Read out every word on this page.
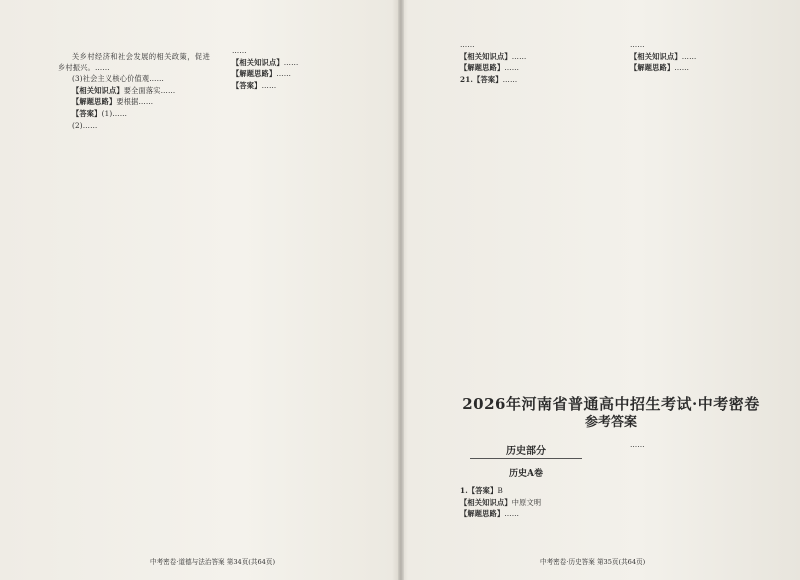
关乡村经济和社会发展的相关政策，促进乡村振兴。……

(3)社会主义核心价值观……

【相关知识点】要全面落实……

【解题思路】要根据……

【答案】(1)……

(2)……

……

【相关知识点】……

【解题思路】……

【答案】……

中考密卷·道德与法治答案 第34页(共64页)

……

【相关知识点】……

【解题思路】……

21.【答案】……

……

【相关知识点】……

【解题思路】……

2026年河南省普通高中招生考试·中考密卷
参考答案
历史部分
历史A卷

1.【答案】B

【相关知识点】中原文明

【解题思路】……

……

中考密卷·历史答案 第35页(共64页)
